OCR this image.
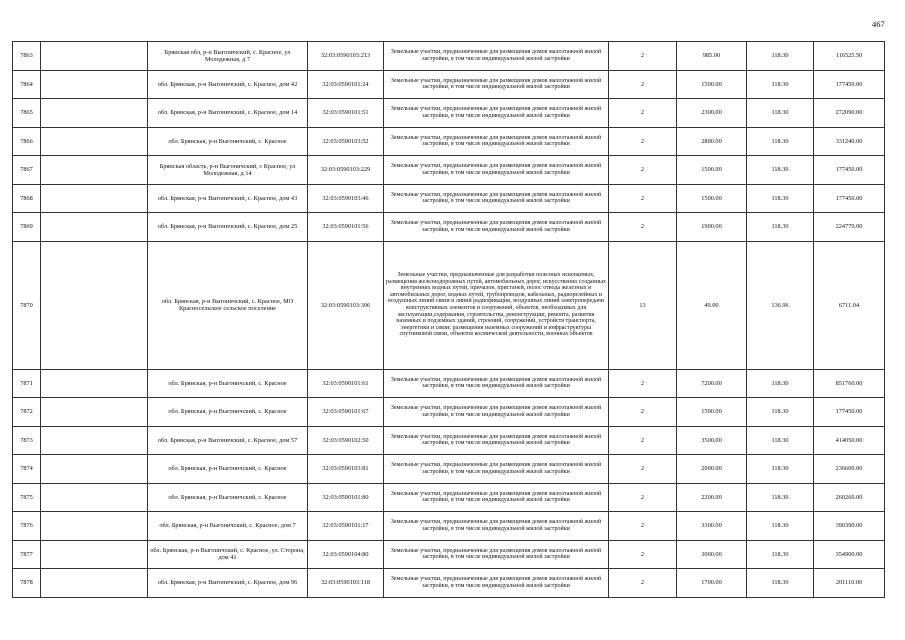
467
7863		Брянская обл, р-н Выгоничский, с. Красное, ул Молодежная, д 7	32:03:0590103:213	Земельные участки, предназначенные для размещения домов малоэтажной жилой застройки, в том числе индивидуальной жилой застройки	2	985.00	118.30	116525.50
7864		обл. Брянская, р-н Выгоничский, с. Красное, дом 42	32:03:0590101:24	Земельные участки, предназначенные для размещения домов малоэтажной жилой застройки, в том числе индивидуальной жилой застройки	2	1500.00	118.30	177450.00
7865		обл. Брянская, р-н Выгоничский, с. Красное, дом 14	32:03:0590101:51	Земельные участки, предназначенные для размещения домов малоэтажной жилой застройки, в том числе индивидуальной жилой застройки	2	2300.00	118.30	272090.00
7866		обл. Брянская, р-н Выгоничский, с. Красное	32:03:0590103:52	Земельные участки, предназначенные для размещения домов малоэтажной жилой застройки, в том числе индивидуальной жилой застройки	2	2800.00	118.30	331240.00
7867		Брянская область, р-н Выгоничский, с Красное, ул Молодежная, д 14	32:03:0590103:229	Земельные участки, предназначенные для размещения домов малоэтажной жилой застройки, в том числе индивидуальной жилой застройки	2	1500.00	118.30	177450.00
7868		обл. Брянская, р-н Выгоничский, с. Красное, дом 43	32:03:0590103:46	Земельные участки, предназначенные для размещения домов малоэтажной жилой застройки, в том числе индивидуальной жилой застройки	2	1500.00	118.30	177450.00
7869		обл. Брянская, р-н Выгоничский, с. Красное, дом 25	32:03:0590101:56	Земельные участки, предназначенные для размещения домов малоэтажной жилой застройки, в том числе индивидуальной жилой застройки	2	1900.00	118.30	224770.00
7870		обл. Брянская, р-н Выгоничский, с. Красное, МО Красносельское сельское поселение	32:03:0590103:306	Земельные участки, предназначенные для разработки полезных ископаемых, размещения железнодорожных путей, автомобильных дорог, искусственно созданных внутренних водных путей, причалов, пристаней, полос отвода железных и автомобильных дорог, водных путей, трубопроводов, кабельных, радиорелейных и воздушных линий связи и линий радиофикации, воздушных линий электропередачи конструктивных элементов и сооружений, объектов, необходимых для эксплуатации,содержания, строительства, реконструкции, ремонта, развития наземных и подземных зданий, строений, сооружений, устройств транспорта, энергетики и связи; размещения наземных сооружений и инфраструктуры спутниковой связи, объектов космической деятельности, военных объектов	13	49.00	136.96	6711.04
7871		обл. Брянская, р-н Выгоничский, с. Красное	32:03:0590101:61	Земельные участки, предназначенные для размещения домов малоэтажной жилой застройки, в том числе индивидуальной жилой застройки	2	7200.00	118.30	851760.00
7872		обл. Брянская, р-н Выгоничский, с. Красное	32:03:0590101:67	Земельные участки, предназначенные для размещения домов малоэтажной жилой застройки, в том числе индивидуальной жилой застройки	2	1500.00	118.30	177450.00
7873		обл. Брянская, р-н Выгоничский, с. Красное, дом 57	32:03:0590102:50	Земельные участки, предназначенные для размещения домов малоэтажной жилой застройки, в том числе индивидуальной жилой застройки	2	3500.00	118.30	414050.00
7874		обл. Брянская, р-н Выгоничский, с. Красное	32:03:0590103:81	Земельные участки, предназначенные для размещения домов малоэтажной жилой застройки, в том числе индивидуальной жилой застройки	2	2000.00	118.30	236600.00
7875		обл. Брянская, р-н Выгоничский, с. Красное	32:03:0590101:80	Земельные участки, предназначенные для размещения домов малоэтажной жилой застройки, в том числе индивидуальной жилой застройки	2	2200.00	118.30	260260.00
7876		обл. Брянская, р-н Выгоничский, с. Красное, дом 7	32:03:0590101:17	Земельные участки, предназначенные для размещения домов малоэтажной жилой застройки, в том числе индивидуальной жилой застройки	2	3300.00	118.30	390390.00
7877		обл. Брянская, р-н Выгоничский, с. Красное, ул. Сторона, дом 41	32:03:0590104:80	Земельные участки, предназначенные для размещения домов малоэтажной жилой застройки, в том числе индивидуальной жилой застройки	2	3000.00	118.30	354900.00
7878		обл. Брянская, р-н Выгоничский, с. Красное, дом 96	32:03:0590103:118	Земельные участки, предназначенные для размещения домов малоэтажной жилой застройки, в том числе индивидуальной жилой застройки	2	1700.00	118.30	201110.00
